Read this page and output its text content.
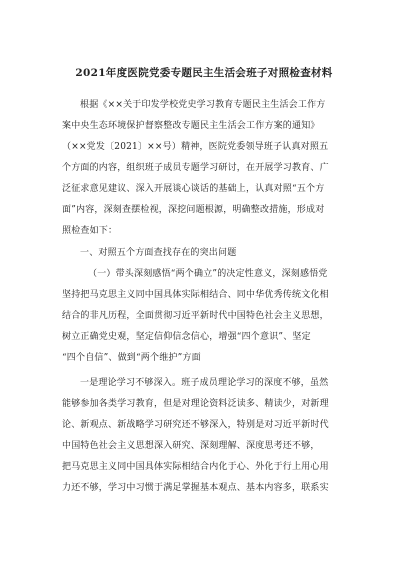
2021年度医院党委专题民主生活会班子对照检查材料
根据《××关于印发学校党史学习教育专题民主生活会工作方
案中央生态环境保护督察整改专题民主生活会工作方案的通知》
（××党发〔2021〕××号）精神，医院党委领导班子认真对照五
个方面的内容，组织班子成员专题学习研讨，在开展学习教育、广
泛征求意见建议、深入开展谈心谈话的基础上，认真对照“五个方
面”内容，深刻查摆检视，深挖问题根源，明确整改措施，形成对
照检查如下：
一、对照五个方面查找存在的突出问题
（一）带头深刻感悟“两个确立”的决定性意义，深刻感悟党
坚持把马克思主义同中国具体实际相结合、同中华优秀传统文化相
结合的非凡历程，全面贯彻习近平新时代中国特色社会主义思想，
树立正确党史观，坚定信仰信念信心，增强“四个意识”、坚定
“四个自信”、做到“两个维护”方面
一是理论学习不够深入。班子成员理论学习的深度不够，虽然
能够参加各类学习教育，但是对理论资料泛读多、精读少，对新理
论、新观点、新战略学习研究还不够深入，特别是对习近平新时代
中国特色社会主义思想深入研究、深刻理解、深度思考还不够，
把马克思主义同中国具体实际相结合内化于心、外化于行上用心用
力还不够，学习中习惯于满足掌握基本观点、基本内容多，联系实
